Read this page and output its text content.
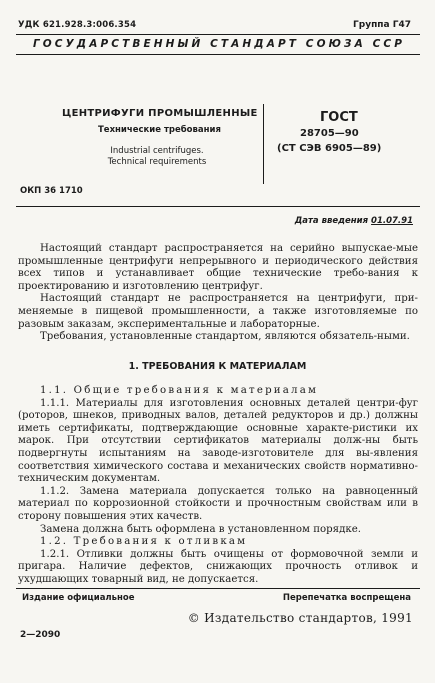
УДК 621.928.3:006.354	Группа Г47
ГОСУДАРСТВЕННЫЙ СТАНДАРТ СОЮЗА ССР
ЦЕНТРИФУГИ ПРОМЫШЛЕННЫЕ
Технические требования
Industrial centrifuges.
Technical requirements
ГОСТ
28705—90
(СТ СЭВ 6905—89)
ОКП 36 1710
Дата введения 01.07.91

Настоящий стандарт распространяется на серийно выпускае-мые промышленные центрифуги непрерывного и периодического действия всех типов и устанавливает общие технические требо-вания к проектированию и изготовлению центрифуг.

Настоящий стандарт не распространяется на центрифуги, при-меняемые в пищевой промышленности, а также изготовляемые по разовым заказам, экспериментальные и лабораторные.

Требования, установленные стандартом, являются обязатель-ными.

1. ТРЕБОВАНИЯ К МАТЕРИАЛАМ

1.1. Общие требования к материалам

1.1.1. Материалы для изготовления основных деталей центри-фуг (роторов, шнеков, приводных валов, деталей редукторов и др.) должны иметь сертификаты, подтверждающие основные характе-ристики их марок. При отсутствии сертификатов материалы долж-ны быть подвергнуты испытаниям на заводе-изготовителе для вы-явления соответствия химического состава и механических свойств нормативно-техническим документам.

1.1.2. Замена материала допускается только на равноценный материал по коррозионной стойкости и прочностным свойствам или в сторону повышения этих качеств.

Замена должна быть оформлена в установленном порядке.

1.2. Требования к отливкам

1.2.1. Отливки должны быть очищены от формовочной земли и пригара. Наличие дефектов, снижающих прочность отливок и ухудшающих товарный вид, не допускается.

Издание официальное	Перепечатка воспрещена
© Издательство стандартов, 1991
2—2090
